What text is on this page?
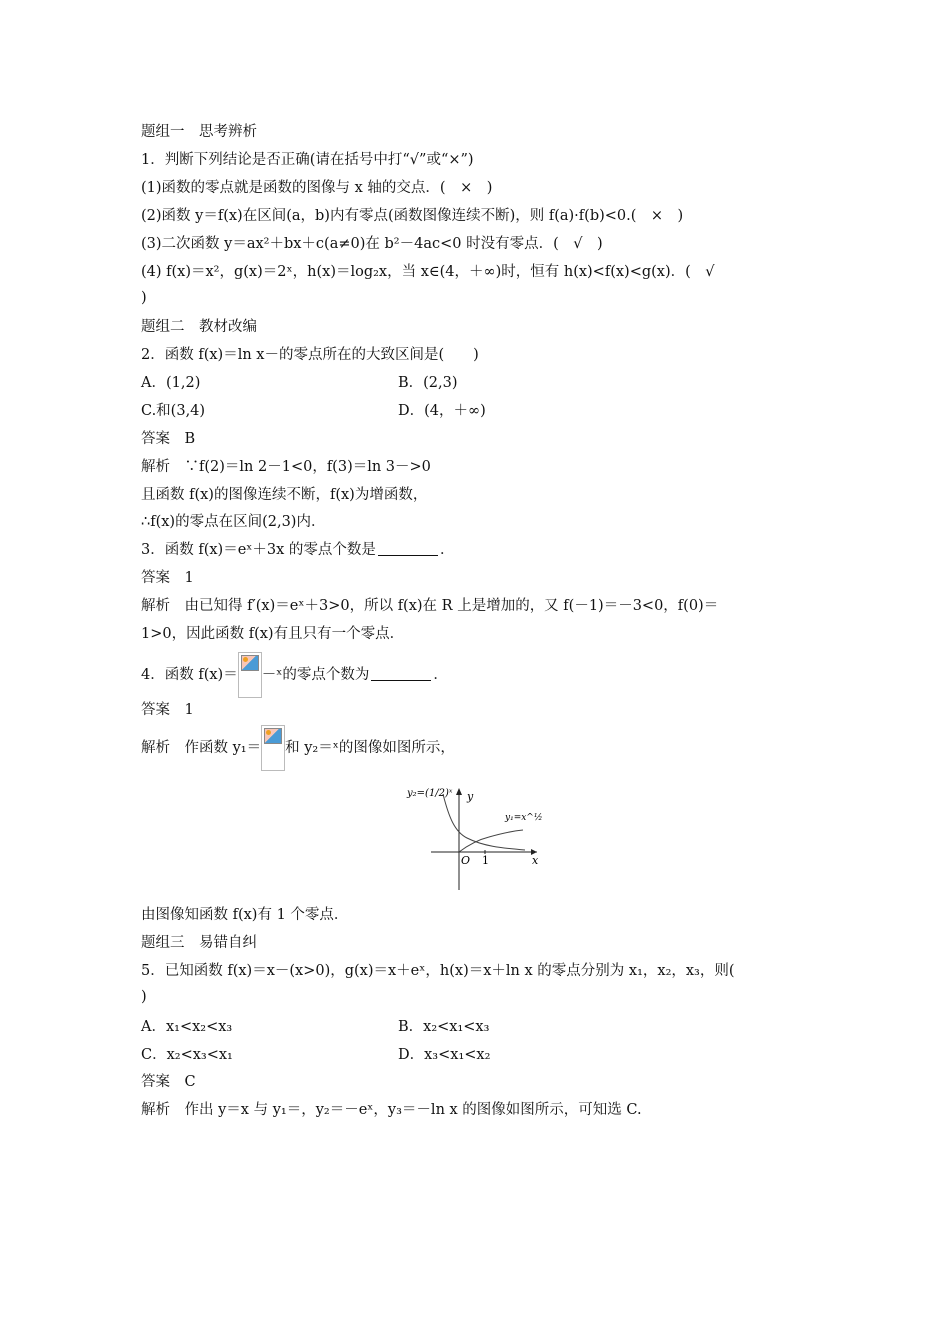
题组一　思考辨析
1．判断下列结论是否正确(请在括号中打“√”或“×”)
(1)函数的零点就是函数的图像与 x 轴的交点．(　×　)
(2)函数 y＝f(x)在区间(a，b)内有零点(函数图像连续不断)，则 f(a)·f(b)<0.(　×　)
(3)二次函数 y＝ax²＋bx＋c(a≠0)在 b²－4ac<0 时没有零点．(　√　)
(4) f(x)＝x²，g(x)＝2ˣ，h(x)＝log₂x，当 x∈(4，＋∞)时，恒有 h(x)<f(x)<g(x)．(　√
)
题组二　教材改编
2．函数 f(x)＝ln x－的零点所在的大致区间是(　　)
A．(1,2)	B．(2,3)
C.和(3,4)	D．(4，＋∞)
答案　B
解析　∵f(2)＝ln 2－1<0，f(3)＝ln 3－>0
且函数 f(x)的图像连续不断，f(x)为增函数，
∴f(x)的零点在区间(2,3)内．
3．函数 f(x)＝eˣ＋3x 的零点个数是	．
答案　1
解析　由已知得 f′(x)＝eˣ＋3>0，所以 f(x)在 R 上是增加的，又 f(－1)＝－3<0，f(0)＝
1>0，因此函数 f(x)有且只有一个零点．
4．函数 f(x)＝ －ˣ的零点个数为	．
答案　1
解析　作函数 y₁＝ 和 y₂＝ˣ的图像如图所示，
y₂=(1/2)ˣ
y₁=x^½
y
x
O 1
由图像知函数 f(x)有 1 个零点．
题组三　易错自纠
5．已知函数 f(x)＝x－(x>0)，g(x)＝x＋eˣ，h(x)＝x＋ln x 的零点分别为 x₁，x₂，x₃，则(
)
A．x₁<x₂<x₃	B．x₂<x₁<x₃
C．x₂<x₃<x₁	D．x₃<x₁<x₂
答案　C
解析　作出 y＝x 与 y₁＝，y₂＝－eˣ，y₃＝－ln x 的图像如图所示，可知选 C.
